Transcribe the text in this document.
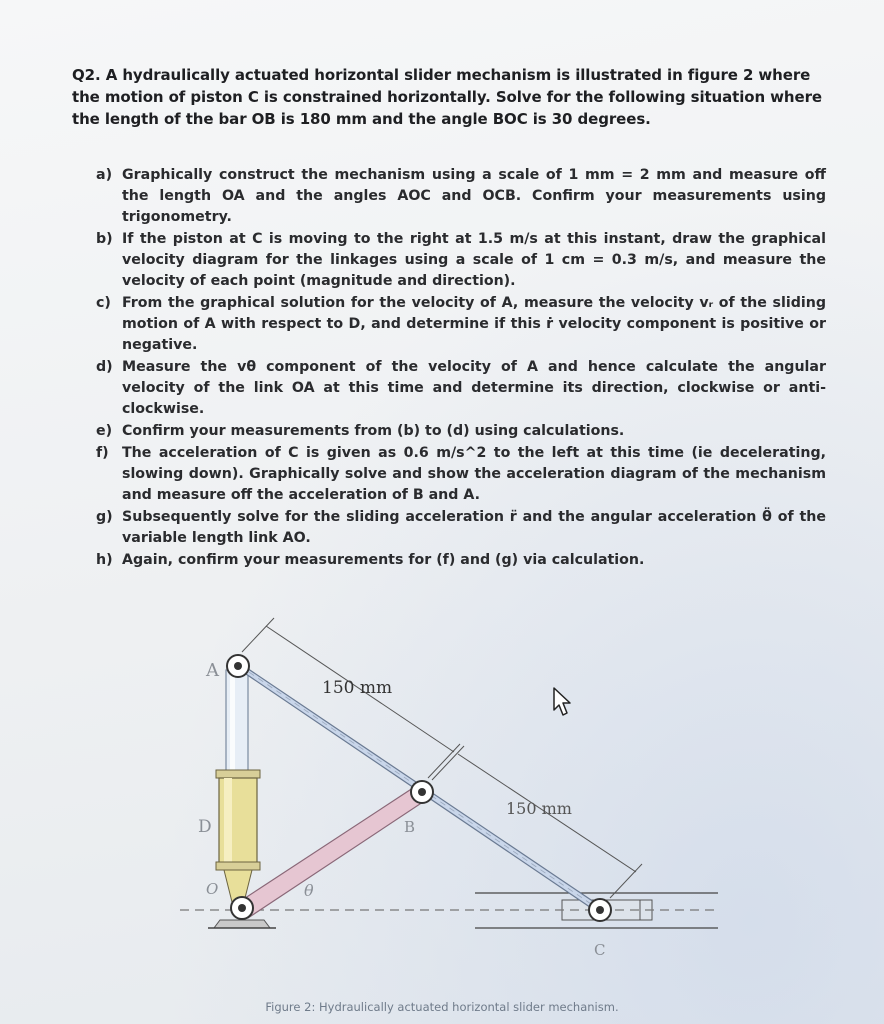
Q2. A hydraulically actuated horizontal slider mechanism is illustrated in figure 2 where the motion of piston C is constrained horizontally. Solve for the following situation where the length of the bar OB is 180 mm and the angle BOC is 30 degrees.
a) Graphically construct the mechanism using a scale of 1 mm = 2 mm and measure off the length OA and the angles AOC and OCB. Confirm your measurements using trigonometry.
b) If the piston at C is moving to the right at 1.5 m/s at this instant, draw the graphical velocity diagram for the linkages using a scale of 1 cm = 0.3 m/s, and measure the velocity of each point (magnitude and direction).
c) From the graphical solution for the velocity of A, measure the velocity vᵣ of the sliding motion of A with respect to D, and determine if this ṙ velocity component is positive or negative.
d) Measure the vθ component of the velocity of A and hence calculate the angular velocity of the link OA at this time and determine its direction, clockwise or anti-clockwise.
e) Confirm your measurements from (b) to (d) using calculations.
f) The acceleration of C is given as 0.6 m/s^2 to the left at this time (ie decelerating, slowing down). Graphically solve and show the acceleration diagram of the mechanism and measure off the acceleration of B and A.
g) Subsequently solve for the sliding acceleration r̈ and the angular acceleration θ̈ of the variable length link AO.
h) Again, confirm your measurements for (f) and (g) via calculation.
A
B
C
D
O	θ
150 mm
150 mm
Figure 2: Hydraulically actuated horizontal slider mechanism.
